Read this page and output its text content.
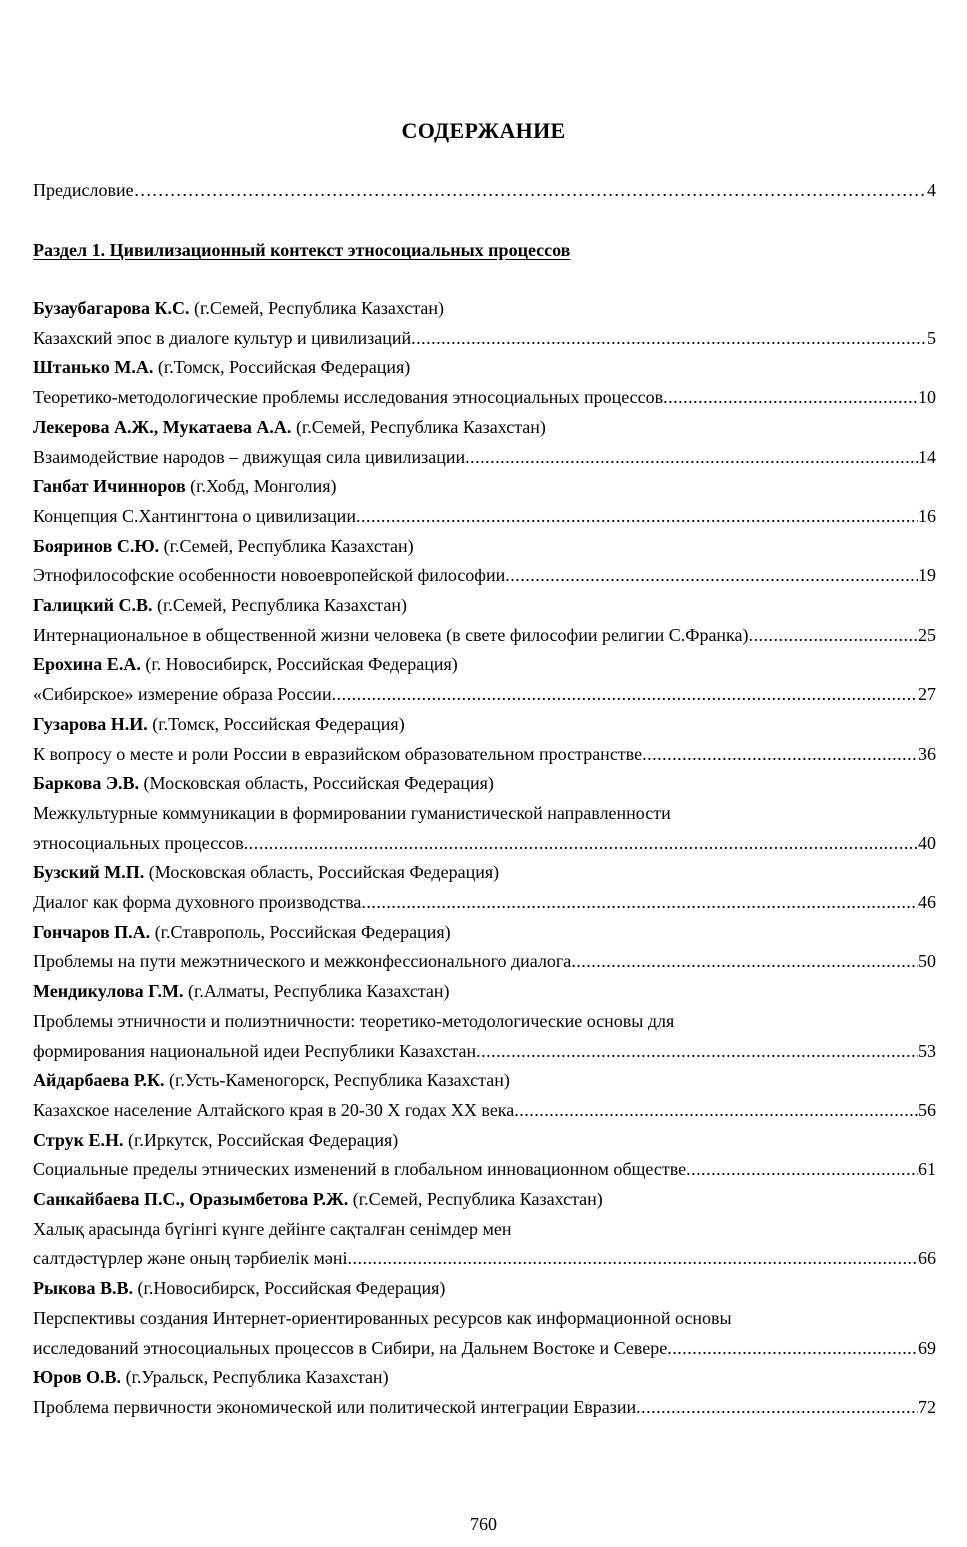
СОДЕРЖАНИЕ
Предисловие ……………………………………………………………………………………………………………………………………………………………………………………………………………………	4
Раздел 1. Цивилизационный контекст этносоциальных процессов
Бузаубагарова К.С. (г.Семей, Республика Казахстан)
Казахский эпос в диалоге культур и цивилизаций .....	5
Штанько М.А. (г.Томск, Российская Федерация)
Теоретико-методологические проблемы исследования этносоциальных процессов .....	10
Лекерова А.Ж., Мукатаева А.А. (г.Семей, Республика Казахстан)
Взаимодействие народов – движущая сила цивилизации .....	14
Ганбат Ичинноров (г.Хобд, Монголия)
Концепция С.Хантингтона о цивилизации .....	16
Бояринов С.Ю. (г.Семей, Республика Казахстан)
Этнофилософские особенности новоевропейской философии .....	19
Галицкий С.В. (г.Семей, Республика Казахстан)
Интернациональное в общественной жизни человека (в свете философии религии С.Франка) .....	25
Ерохина Е.А. (г. Новосибирск, Российская Федерация)
«Сибирское» измерение образа России .....	27
Гузарова Н.И. (г.Томск, Российская Федерация)
К вопросу о месте и роли России в евразийском образовательном пространстве .....	36
Баркова Э.В. (Московская область, Российская Федерация)
Межкультурные коммуникации в формировании гуманистической направленности
этносоциальных процессов .....	40
Бузский М.П. (Московская область, Российская Федерация)
Диалог как форма духовного производства .....	46
Гончаров П.А. (г.Ставрополь, Российская Федерация)
Проблемы на пути межэтнического и межконфессионального диалога .....	50
Мендикулова Г.М. (г.Алматы, Республика Казахстан)
Проблемы этничности и полиэтничности: теоретико-методологические основы для
формирования национальной идеи Республики Казахстан .....	53
Айдарбаева Р.К. (г.Усть-Каменогорск, Республика Казахстан)
Казахское население Алтайского края в 20-30 Х годах ХХ века .....	56
Струк Е.Н. (г.Иркутск, Российская Федерация)
Социальные пределы этнических изменений в глобальном инновационном обществе .....	61
Санкайбаева П.С., Оразымбетова Р.Ж. (г.Семей, Республика Казахстан)
Халық арасында бүгінгі күнге дейінге сақталған сенімдер мен
салтдәстүрлер және оның тәрбиелік мәні .....	66
Рыкова В.В. (г.Новосибирск, Российская Федерация)
Перспективы создания Интернет-ориентированных ресурсов как информационной основы
исследований этносоциальных процессов в Сибири, на Дальнем Востоке и Севере .....	69
Юров О.В. (г.Уральск, Республика Казахстан)
Проблема первичности экономической или политической интеграции Евразии .....	72
760
